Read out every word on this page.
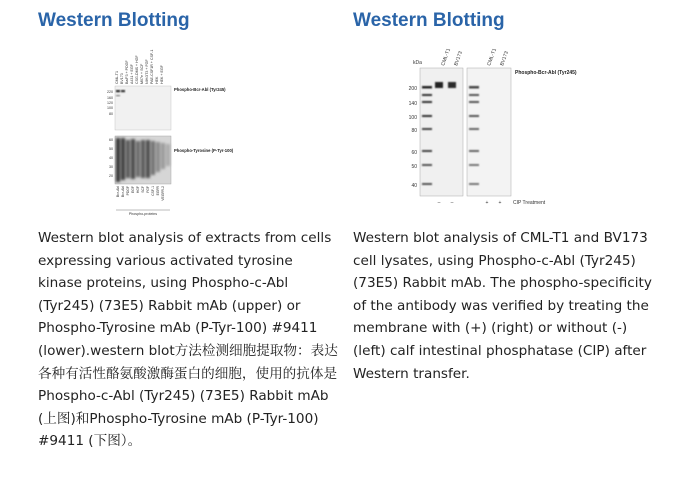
Western Blotting
CML-T1 BV173 Ba/F3 + PDGF A431 + EGF CSG-DMS + HGF M07e + SCF NIH/3T3 + FGF PAE-CSF1R + CSF-1 HEK HEK + EGF
220
160
120
100
80
60
50
40
30
20
Phospho-Bcr-Abl (Tyr245)
Phospho-Tyrosine (P-Tyr-100)
Bcr-Abl Bcr-Abl PDGF EGF HGF SCF FGF CSF-1 EGFR VEGFR-2
Phospho-proteins
Western blot analysis of extracts from cells expressing various activated tyrosine kinase proteins, using Phospho-c-Abl (Tyr245) (73E5) Rabbit mAb (upper) or Phospho-Tyrosine mAb (P-Tyr-100) #9411 (lower).western blot方法检测细胞提取物：表达各种有活性酪氨酸激酶蛋白的细胞，使用的抗体是Phospho-c-Abl (Tyr245) (73E5) Rabbit mAb (上图)和Phospho-Tyrosine mAb (P-Tyr-100) #9411 (下图）。
Western Blotting
kDa	CML-T1 BV173	CML-T1 BV173
200
140
100
80
60
50
40
Phospho-Bcr-Abl (Tyr245)
– –	+ + CIP Treatment
Western blot analysis of CML-T1 and BV173 cell lysates, using Phospho-c-Abl (Tyr245) (73E5) Rabbit mAb. The phospho-specificity of the antibody was verified by treating the membrane with (+) (right) or without (-) (left) calf intestinal phosphatase (CIP) after Western transfer.
